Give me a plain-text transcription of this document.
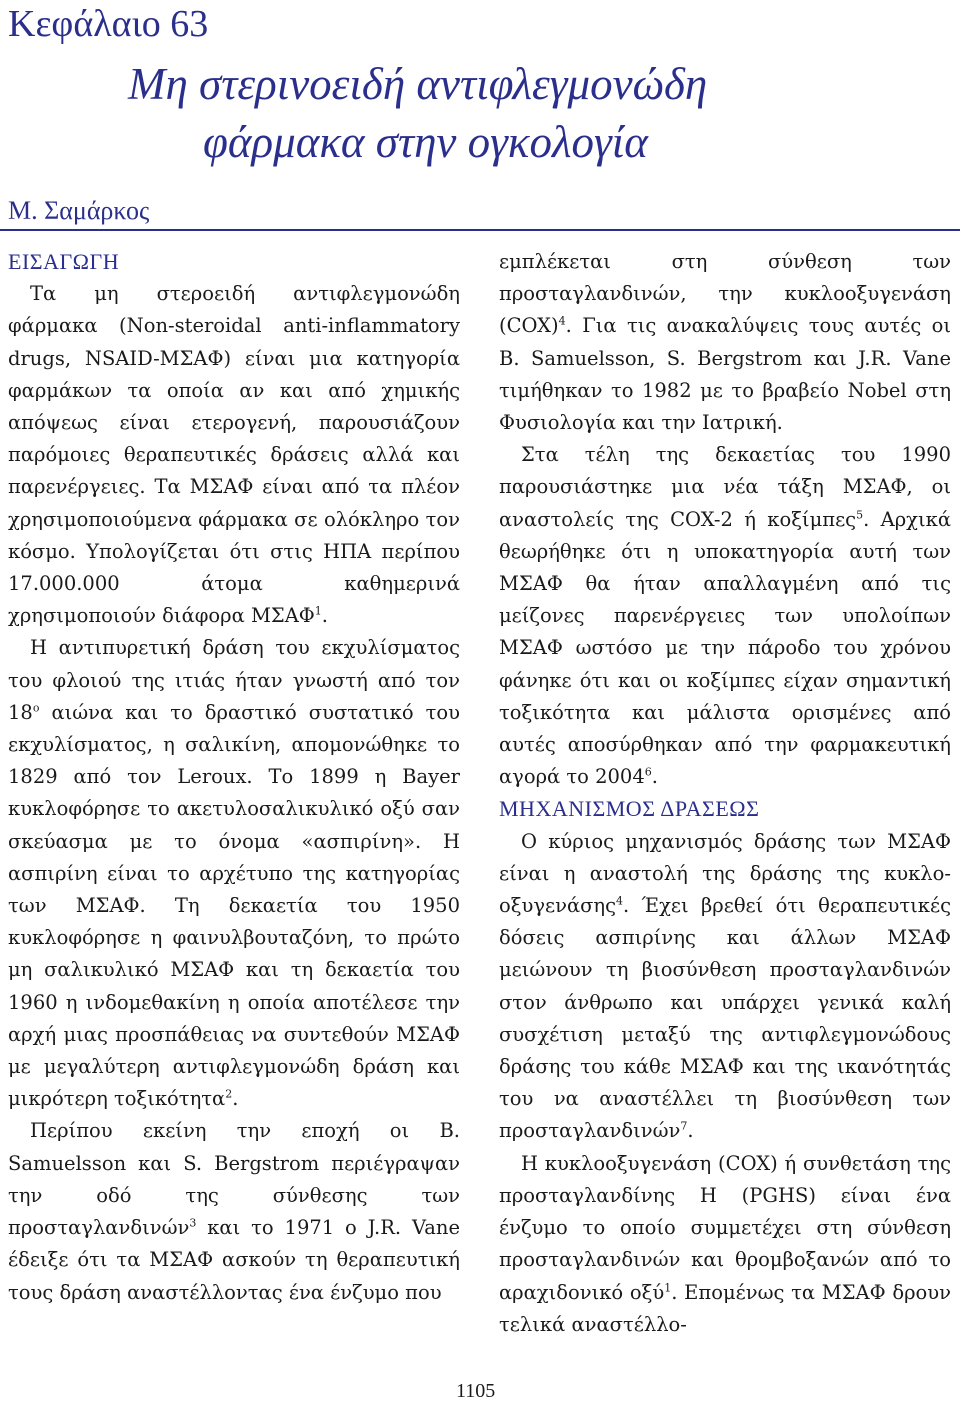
Κεφάλαιο 63
Μη στερινοειδή αντιφλεγμονώδη
φάρμακα στην ογκολογία
Μ. Σαμάρκος
ΕΙΣΑΓΩΓΗ

Τα μη στεροειδή αντιφλεγμονώδη φάρμακα (Non-steroidal anti-inflammatory drugs, NSAID-ΜΣΑΦ) είναι μια κατηγορία φαρμάκων τα οποία αν και από χημικής απόψεως είναι ετερογενή, παρουσιάζουν παρόμοιες θεραπευτικές δράσεις αλλά και παρενέργειες. Τα ΜΣΑΦ είναι από τα πλέον χρησιμοποιούμενα φάρμακα σε ολόκληρο τον κόσμο. Υπολογίζεται ότι στις ΗΠΑ περίπου 17.000.000 άτομα καθημερινά χρησιμοποιούν διάφορα ΜΣΑΦ$^1$.

Η αντιπυρετική δράση του εκχυλίσματος του φλοιού της ιτιάς ήταν γνωστή από τον $18^o$ αιώνα και το δραστικό συστατικό του εκχυλίσματος, η σαλικίνη, απομονώθηκε το 1829 από τον Leroux. Το 1899 η Bayer κυκλοφόρησε το ακετυλοσαλικυλικό οξύ σαν σκεύασμα με το όνομα «ασπιρίνη». Η ασπιρίνη είναι το αρχέτυπο της κατηγορίας των ΜΣΑΦ. Τη δεκαετία του 1950 κυκλοφόρησε η φαινυλβουταζόνη, το πρώτο μη σαλικυλικό ΜΣΑΦ και τη δεκαετία του 1960 η ινδομεθακίνη η οποία αποτέλεσε την αρχή μιας προσπάθειας να συντεθούν ΜΣΑΦ με μεγαλύτερη αντιφλεγμονώδη δράση και μικρότερη τοξικότητα$^2$.

Περίπου εκείνη την εποχή οι B. Samuelsson και S. Bergstrom περιέγραψαν την οδό της σύνθεσης των προσταγλανδινών$^3$ και το 1971 ο J.R. Vane έδειξε ότι τα ΜΣΑΦ ασκούν τη θεραπευτική τους δράση αναστέλλοντας ένα ένζυμο που

εμπλέκεται στη σύνθεση των προσταγλανδινών, την κυκλοοξυγενάση (COX)$^4$. Για τις ανακαλύψεις τους αυτές οι B. Samuelsson, S. Bergstrom και J.R. Vane τιμήθηκαν το 1982 με το βραβείο Nobel στη Φυσιολογία και την Ιατρική.

Στα τέλη της δεκαετίας του 1990 παρουσιάστηκε μια νέα τάξη ΜΣΑΦ, οι αναστολείς της COX-2 ή κοξίμπες$^5$. Αρχικά θεωρήθηκε ότι η υποκατηγορία αυτή των ΜΣΑΦ θα ήταν απαλλαγμένη από τις μείζονες παρενέργειες των υπολοίπων ΜΣΑΦ ωστόσο με την πάροδο του χρόνου φάνηκε ότι και οι κοξίμπες είχαν σημαντική τοξικότητα και μάλιστα ορισμένες από αυτές αποσύρθηκαν από την φαρμακευτική αγορά το 2004$^6$.

ΜΗΧΑΝΙΣΜΟΣ ΔΡΑΣΕΩΣ

Ο κύριος μηχανισμός δράσης των ΜΣΑΦ είναι η αναστολή της δράσης της κυκλο-οξυγενάσης$^4$. Έχει βρεθεί ότι θεραπευτικές δόσεις ασπιρίνης και άλλων ΜΣΑΦ μειώνουν τη βιοσύνθεση προσταγλανδινών στον άνθρωπο και υπάρχει γενικά καλή συσχέτιση μεταξύ της αντιφλεγμονώδους δράσης του κάθε ΜΣΑΦ και της ικανότητάς του να αναστέλλει τη βιοσύνθεση των προσταγλανδινών$^7$.

Η κυκλοοξυγενάση (COX) ή συνθετάση της προσταγλανδίνης H (PGHS) είναι ένα ένζυμο το οποίο συμμετέχει στη σύνθεση προσταγλανδινών και θρομβοξανών από το αραχιδονικό οξύ$^1$. Επομένως τα ΜΣΑΦ δρουν τελικά αναστέλλο-

1105
